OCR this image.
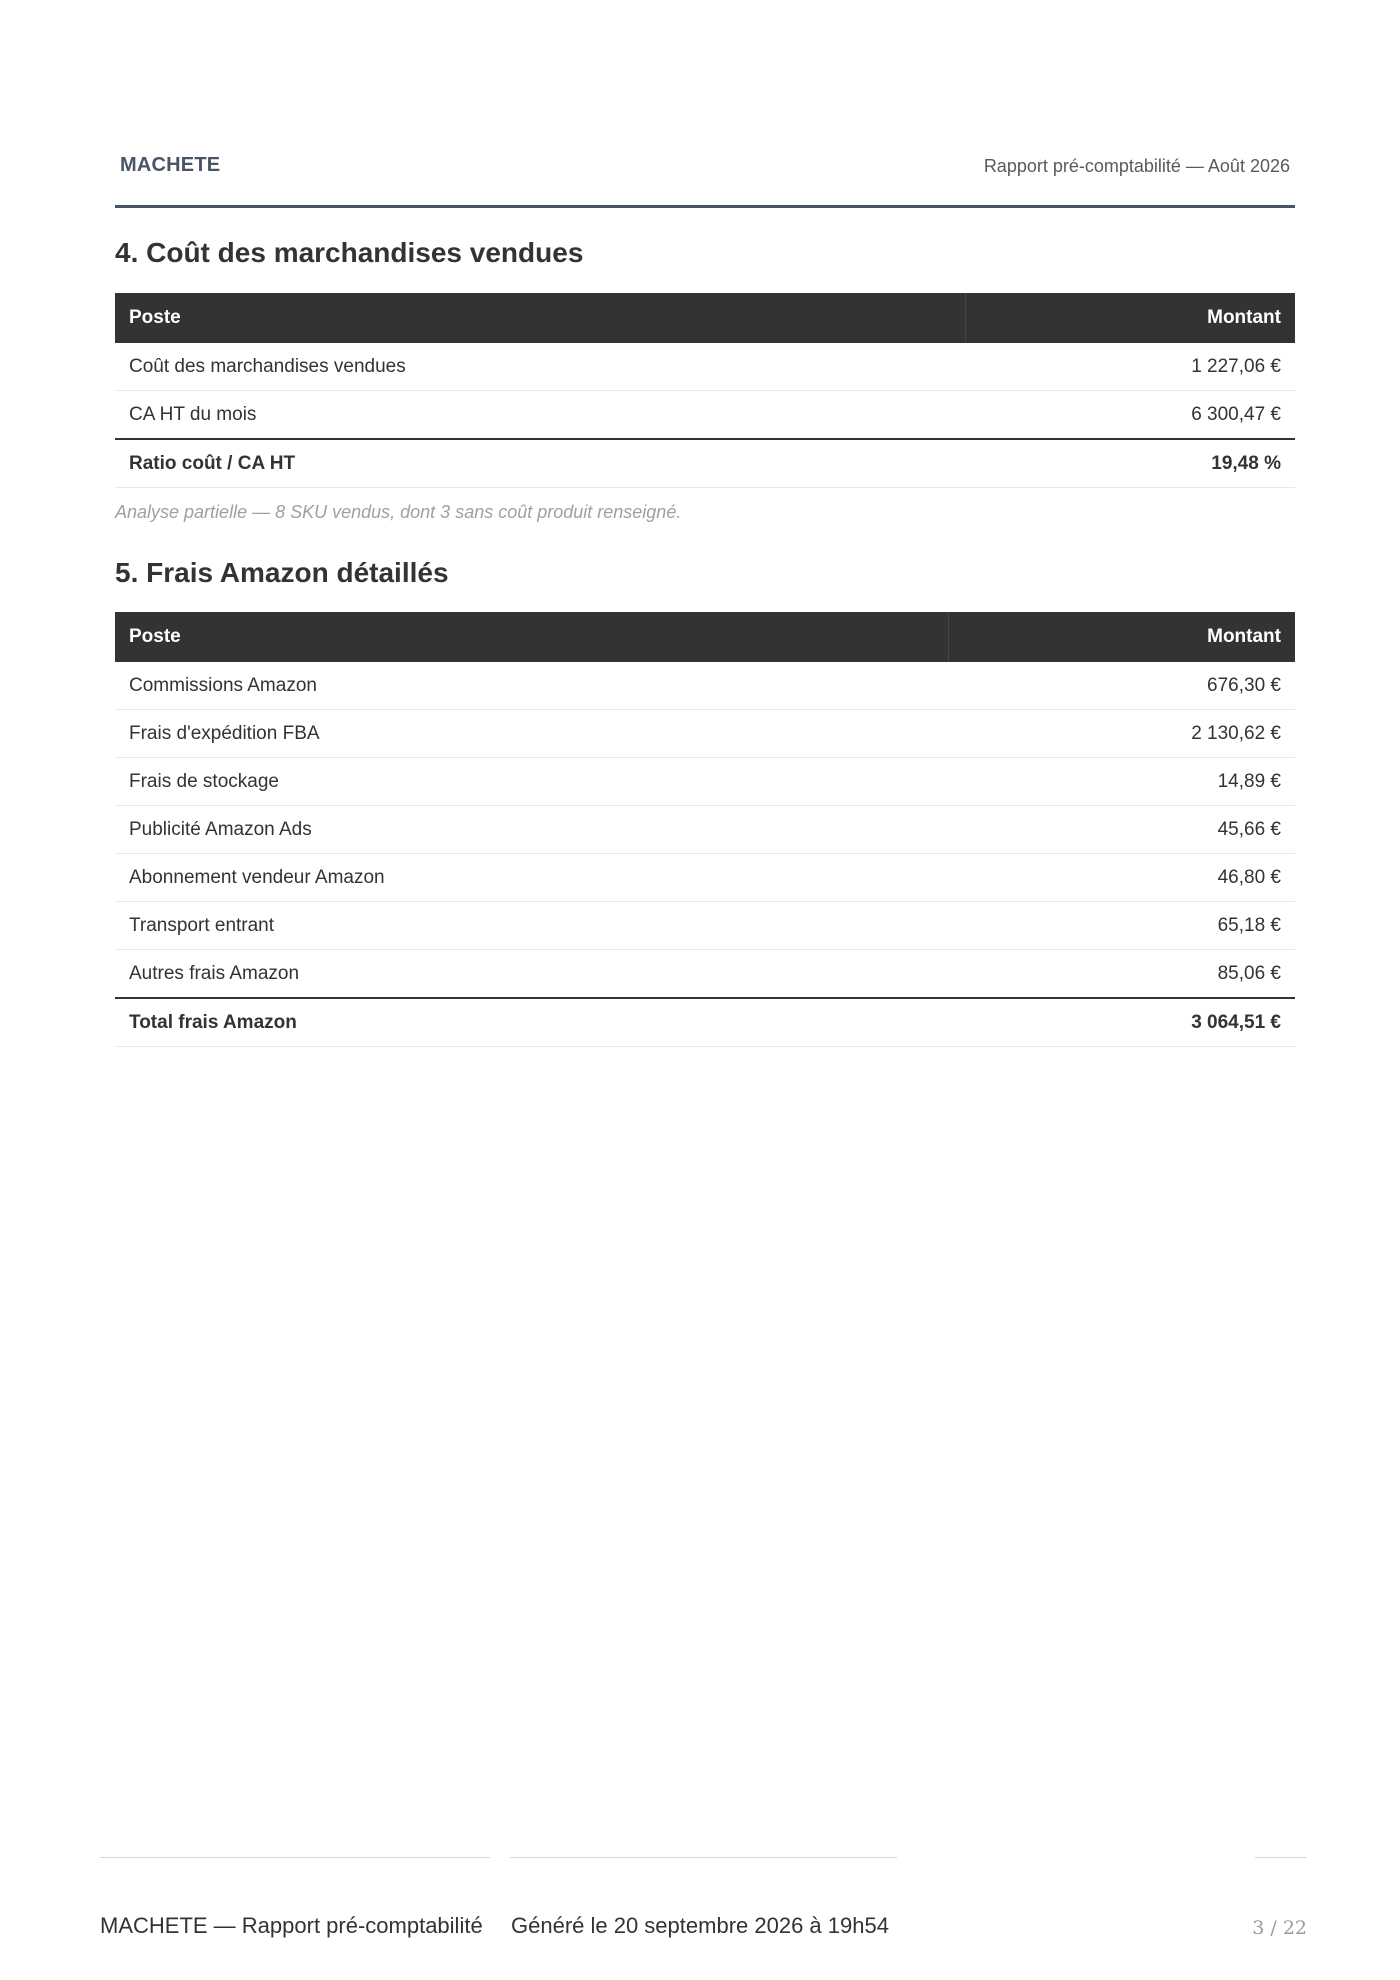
MACHETE	Rapport pré-comptabilité — Août 2026
4. Coût des marchandises vendues
Poste	Montant
Coût des marchandises vendues	1 227,06 €
CA HT du mois	6 300,47 €
Ratio coût / CA HT	19,48 %
Analyse partielle — 8 SKU vendus, dont 3 sans coût produit renseigné.
5. Frais Amazon détaillés
Poste	Montant
Commissions Amazon	676,30 €
Frais d'expédition FBA	2 130,62 €
Frais de stockage	14,89 €
Publicité Amazon Ads	45,66 €
Abonnement vendeur Amazon	46,80 €
Transport entrant	65,18 €
Autres frais Amazon	85,06 €
Total frais Amazon	3 064,51 €
MACHETE — Rapport pré-comptabilité Généré le 20 septembre 2026 à 19h54	3 / 22
